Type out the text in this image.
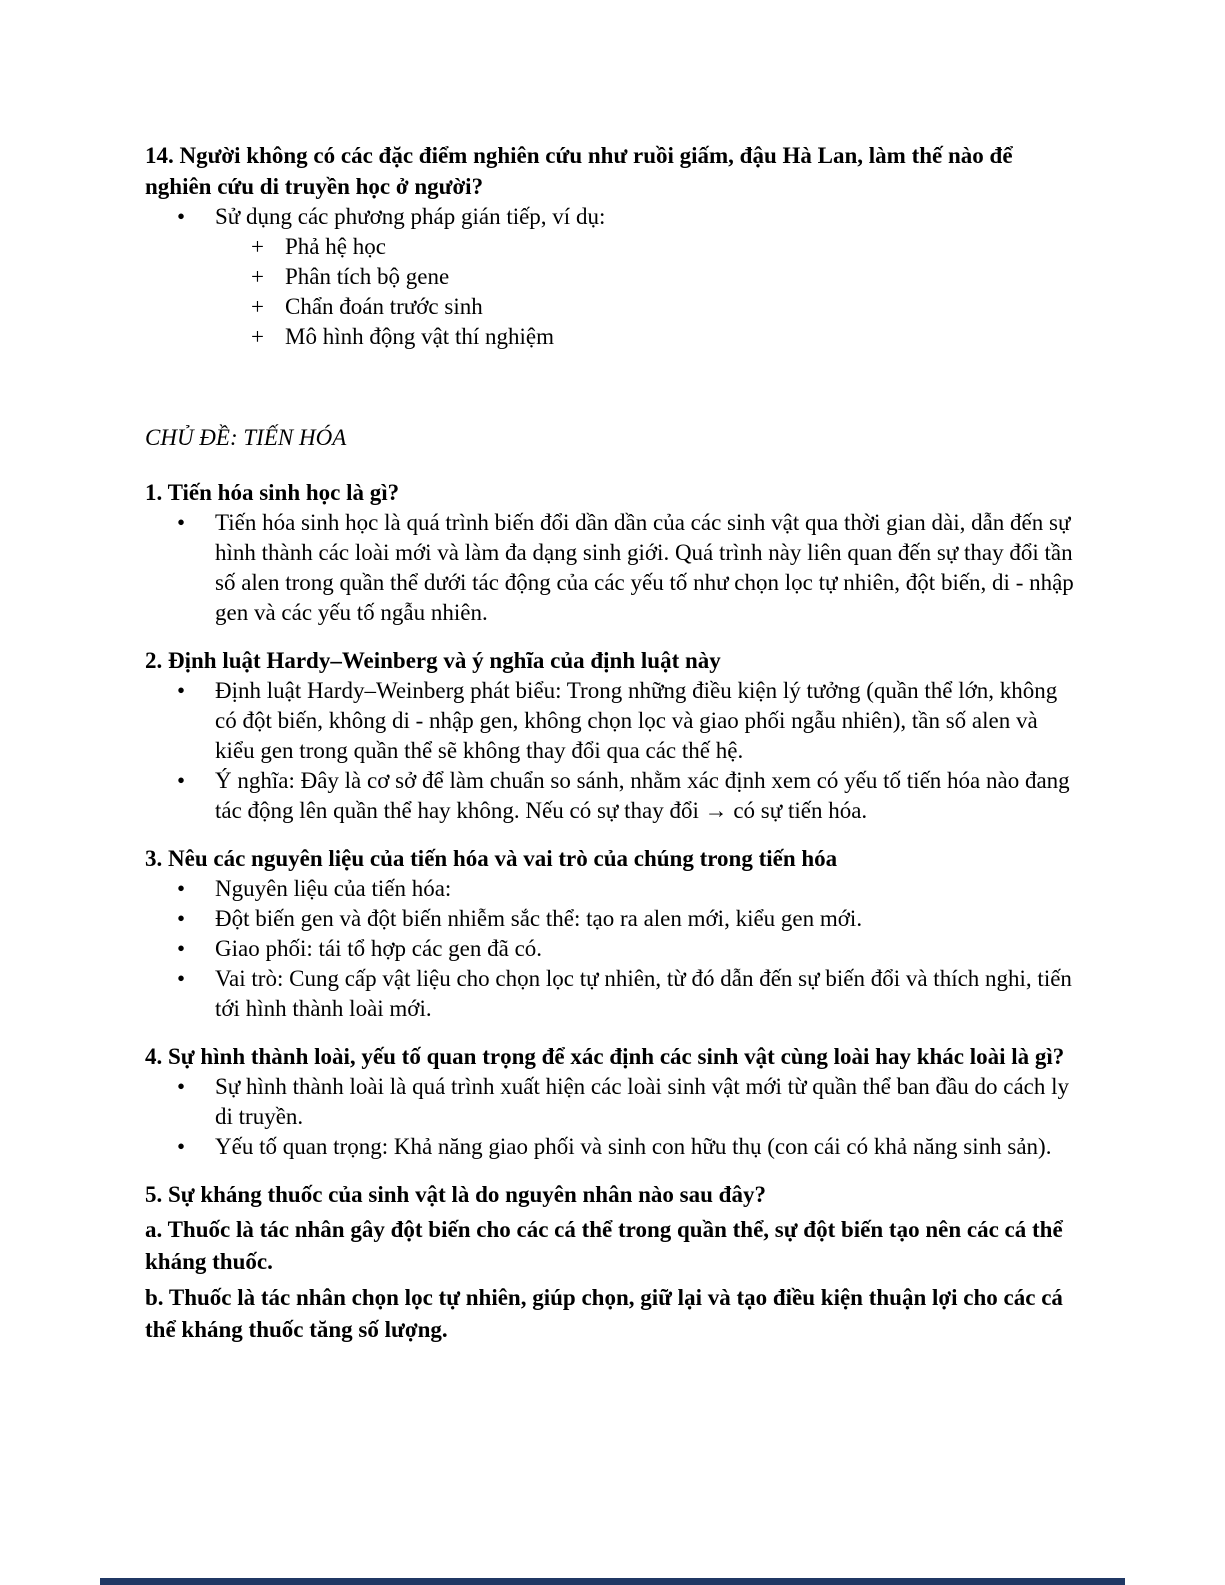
14. Người không có các đặc điểm nghiên cứu như ruồi giấm, đậu Hà Lan, làm thế nào để nghiên cứu di truyền học ở người?
•	Sử dụng các phương pháp gián tiếp, ví dụ:
+ Phả hệ học
+ Phân tích bộ gene
+ Chẩn đoán trước sinh
+ Mô hình động vật thí nghiệm
CHỦ ĐỀ: TIẾN HÓA
1. Tiến hóa sinh học là gì?
•	Tiến hóa sinh học là quá trình biến đổi dần dần của các sinh vật qua thời gian dài, dẫn đến sự hình thành các loài mới và làm đa dạng sinh giới. Quá trình này liên quan đến sự thay đổi tần số alen trong quần thể dưới tác động của các yếu tố như chọn lọc tự nhiên, đột biến, di - nhập gen và các yếu tố ngẫu nhiên.
2. Định luật Hardy–Weinberg và ý nghĩa của định luật này
•	Định luật Hardy–Weinberg phát biểu: Trong những điều kiện lý tưởng (quần thể lớn, không có đột biến, không di - nhập gen, không chọn lọc và giao phối ngẫu nhiên), tần số alen và kiểu gen trong quần thể sẽ không thay đổi qua các thế hệ.
•	Ý nghĩa: Đây là cơ sở để làm chuẩn so sánh, nhằm xác định xem có yếu tố tiến hóa nào đang tác động lên quần thể hay không. Nếu có sự thay đổi → có sự tiến hóa.
3. Nêu các nguyên liệu của tiến hóa và vai trò của chúng trong tiến hóa
•	Nguyên liệu của tiến hóa:
•	Đột biến gen và đột biến nhiễm sắc thể: tạo ra alen mới, kiểu gen mới.
•	Giao phối: tái tổ hợp các gen đã có.
•	Vai trò: Cung cấp vật liệu cho chọn lọc tự nhiên, từ đó dẫn đến sự biến đổi và thích nghi, tiến tới hình thành loài mới.
4. Sự hình thành loài, yếu tố quan trọng để xác định các sinh vật cùng loài hay khác loài là gì?
•	Sự hình thành loài là quá trình xuất hiện các loài sinh vật mới từ quần thể ban đầu do cách ly di truyền.
•	Yếu tố quan trọng: Khả năng giao phối và sinh con hữu thụ (con cái có khả năng sinh sản).
5. Sự kháng thuốc của sinh vật là do nguyên nhân nào sau đây?

a. Thuốc là tác nhân gây đột biến cho các cá thể trong quần thể, sự đột biến tạo nên các cá thể kháng thuốc.

b. Thuốc là tác nhân chọn lọc tự nhiên, giúp chọn, giữ lại và tạo điều kiện thuận lợi cho các cá thể kháng thuốc tăng số lượng.
